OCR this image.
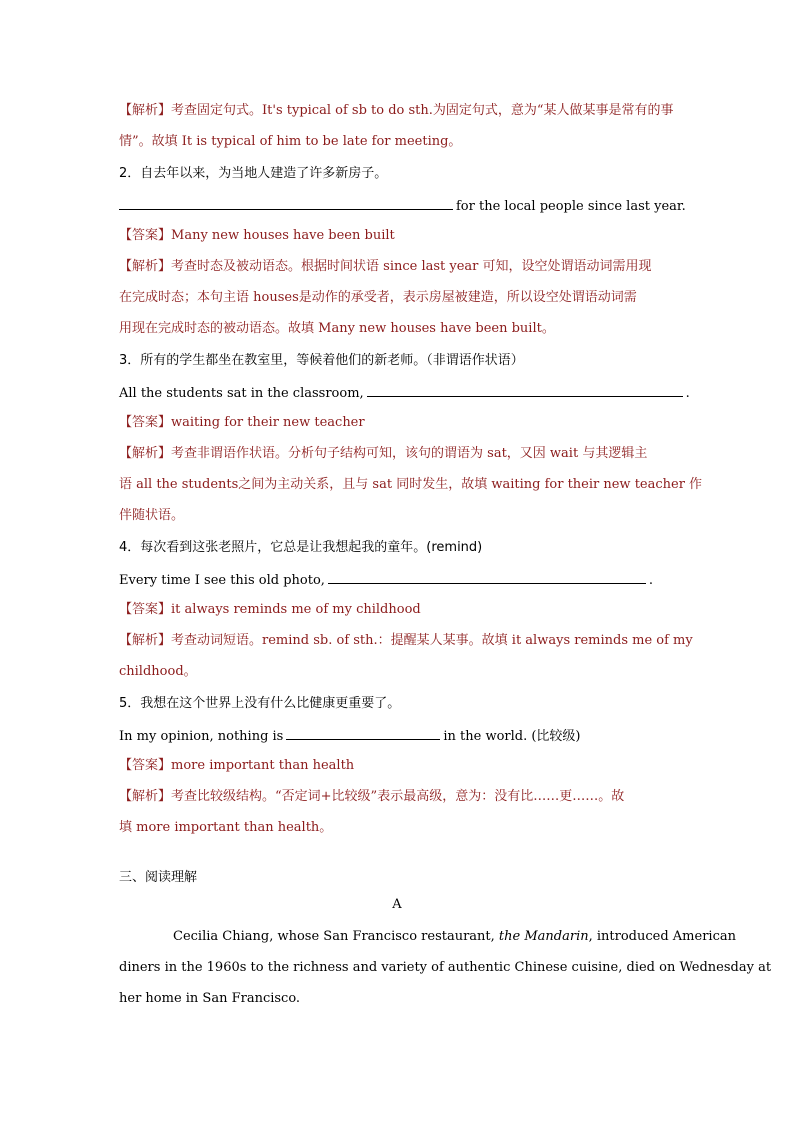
【解析】考查固定句式。It's typical of sb to do sth.为固定句式，意为“某人做某事是常有的事
情”。故填 It is typical of him to be late for meeting。
2．自去年以来，为当地人建造了许多新房子。
for the local people since last year.
【答案】Many new houses have been built
【解析】考查时态及被动语态。根据时间状语 since last year 可知，设空处谓语动词需用现
在完成时态；本句主语 houses是动作的承受者，表示房屋被建造，所以设空处谓语动词需
用现在完成时态的被动语态。故填 Many new houses have been built。
3．所有的学生都坐在教室里，等候着他们的新老师。（非谓语作状语）
All the students sat in the classroom,	.
【答案】waiting for their new teacher
【解析】考查非谓语作状语。分析句子结构可知，该句的谓语为 sat，又因 wait 与其逻辑主
语 all the students之间为主动关系，且与 sat 同时发生，故填 waiting for their new teacher 作
伴随状语。
4．每次看到这张老照片，它总是让我想起我的童年。(remind)
Every time I see this old photo,	.
【答案】it always reminds me of my childhood
【解析】考查动词短语。remind sb. of sth.：提醒某人某事。故填 it always reminds me of my
childhood。
5．我想在这个世界上没有什么比健康更重要了。
In my opinion, nothing is	in the world. (比较级)
【答案】more important than health
【解析】考查比较级结构。“否定词+比较级”表示最高级，意为：没有比……更……。故
填 more important than health。
三、阅读理解
A
Cecilia Chiang, whose San Francisco restaurant, the Mandarin, introduced American
diners in the 1960s to the richness and variety of authentic Chinese cuisine, died on Wednesday at
her home in San Francisco.
